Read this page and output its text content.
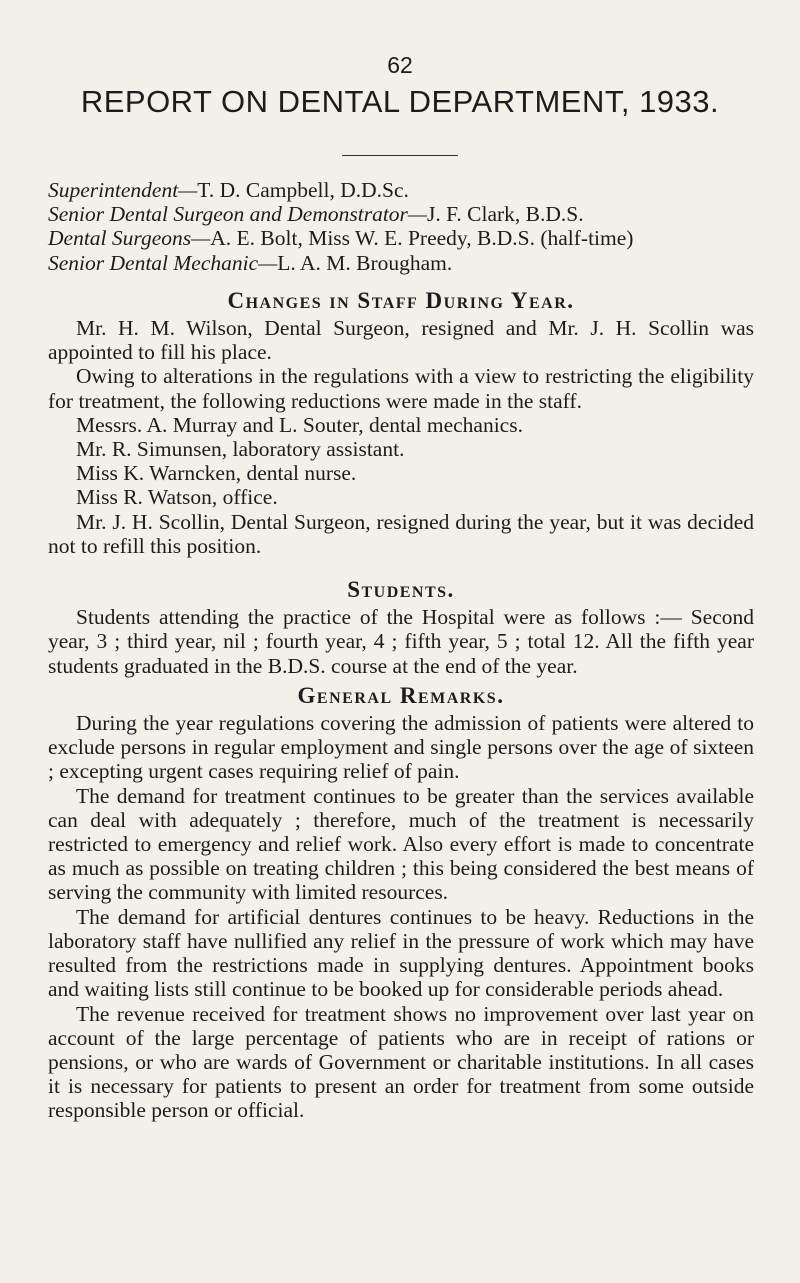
62
REPORT ON DENTAL DEPARTMENT, 1933.

Superintendent—T. D. Campbell, D.D.Sc.

Senior Dental Surgeon and Demonstrator—J. F. Clark, B.D.S.

Dental Surgeons—A. E. Bolt, Miss W. E. Preedy, B.D.S. (half-time)

Senior Dental Mechanic—L. A. M. Brougham.

Changes in Staff During Year.

Mr. H. M. Wilson, Dental Surgeon, resigned and Mr. J. H. Scollin was appointed to fill his place.

Owing to alterations in the regulations with a view to restricting the eligibility for treatment, the following reductions were made in the staff.

Messrs. A. Murray and L. Souter, dental mechanics.

Mr. R. Simunsen, laboratory assistant.

Miss K. Warncken, dental nurse.

Miss R. Watson, office.

Mr. J. H. Scollin, Dental Surgeon, resigned during the year, but it was decided not to refill this position.

Students.

Students attending the practice of the Hospital were as follows :— Second year, 3 ; third year, nil ; fourth year, 4 ; fifth year, 5 ; total 12. All the fifth year students graduated in the B.D.S. course at the end of the year.

General Remarks.

During the year regulations covering the admission of patients were altered to exclude persons in regular employment and single persons over the age of sixteen ; excepting urgent cases requiring relief of pain.

The demand for treatment continues to be greater than the services available can deal with adequately ; therefore, much of the treatment is necessarily restricted to emergency and relief work. Also every effort is made to concentrate as much as possible on treating children ; this being considered the best means of serving the community with limited resources.

The demand for artificial dentures continues to be heavy. Reductions in the laboratory staff have nullified any relief in the pressure of work which may have resulted from the restrictions made in supplying dentures. Appointment books and waiting lists still continue to be booked up for considerable periods ahead.

The revenue received for treatment shows no improvement over last year on account of the large percentage of patients who are in receipt of rations or pensions, or who are wards of Government or charitable institutions. In all cases it is necessary for patients to present an order for treatment from some outside responsible person or official.
